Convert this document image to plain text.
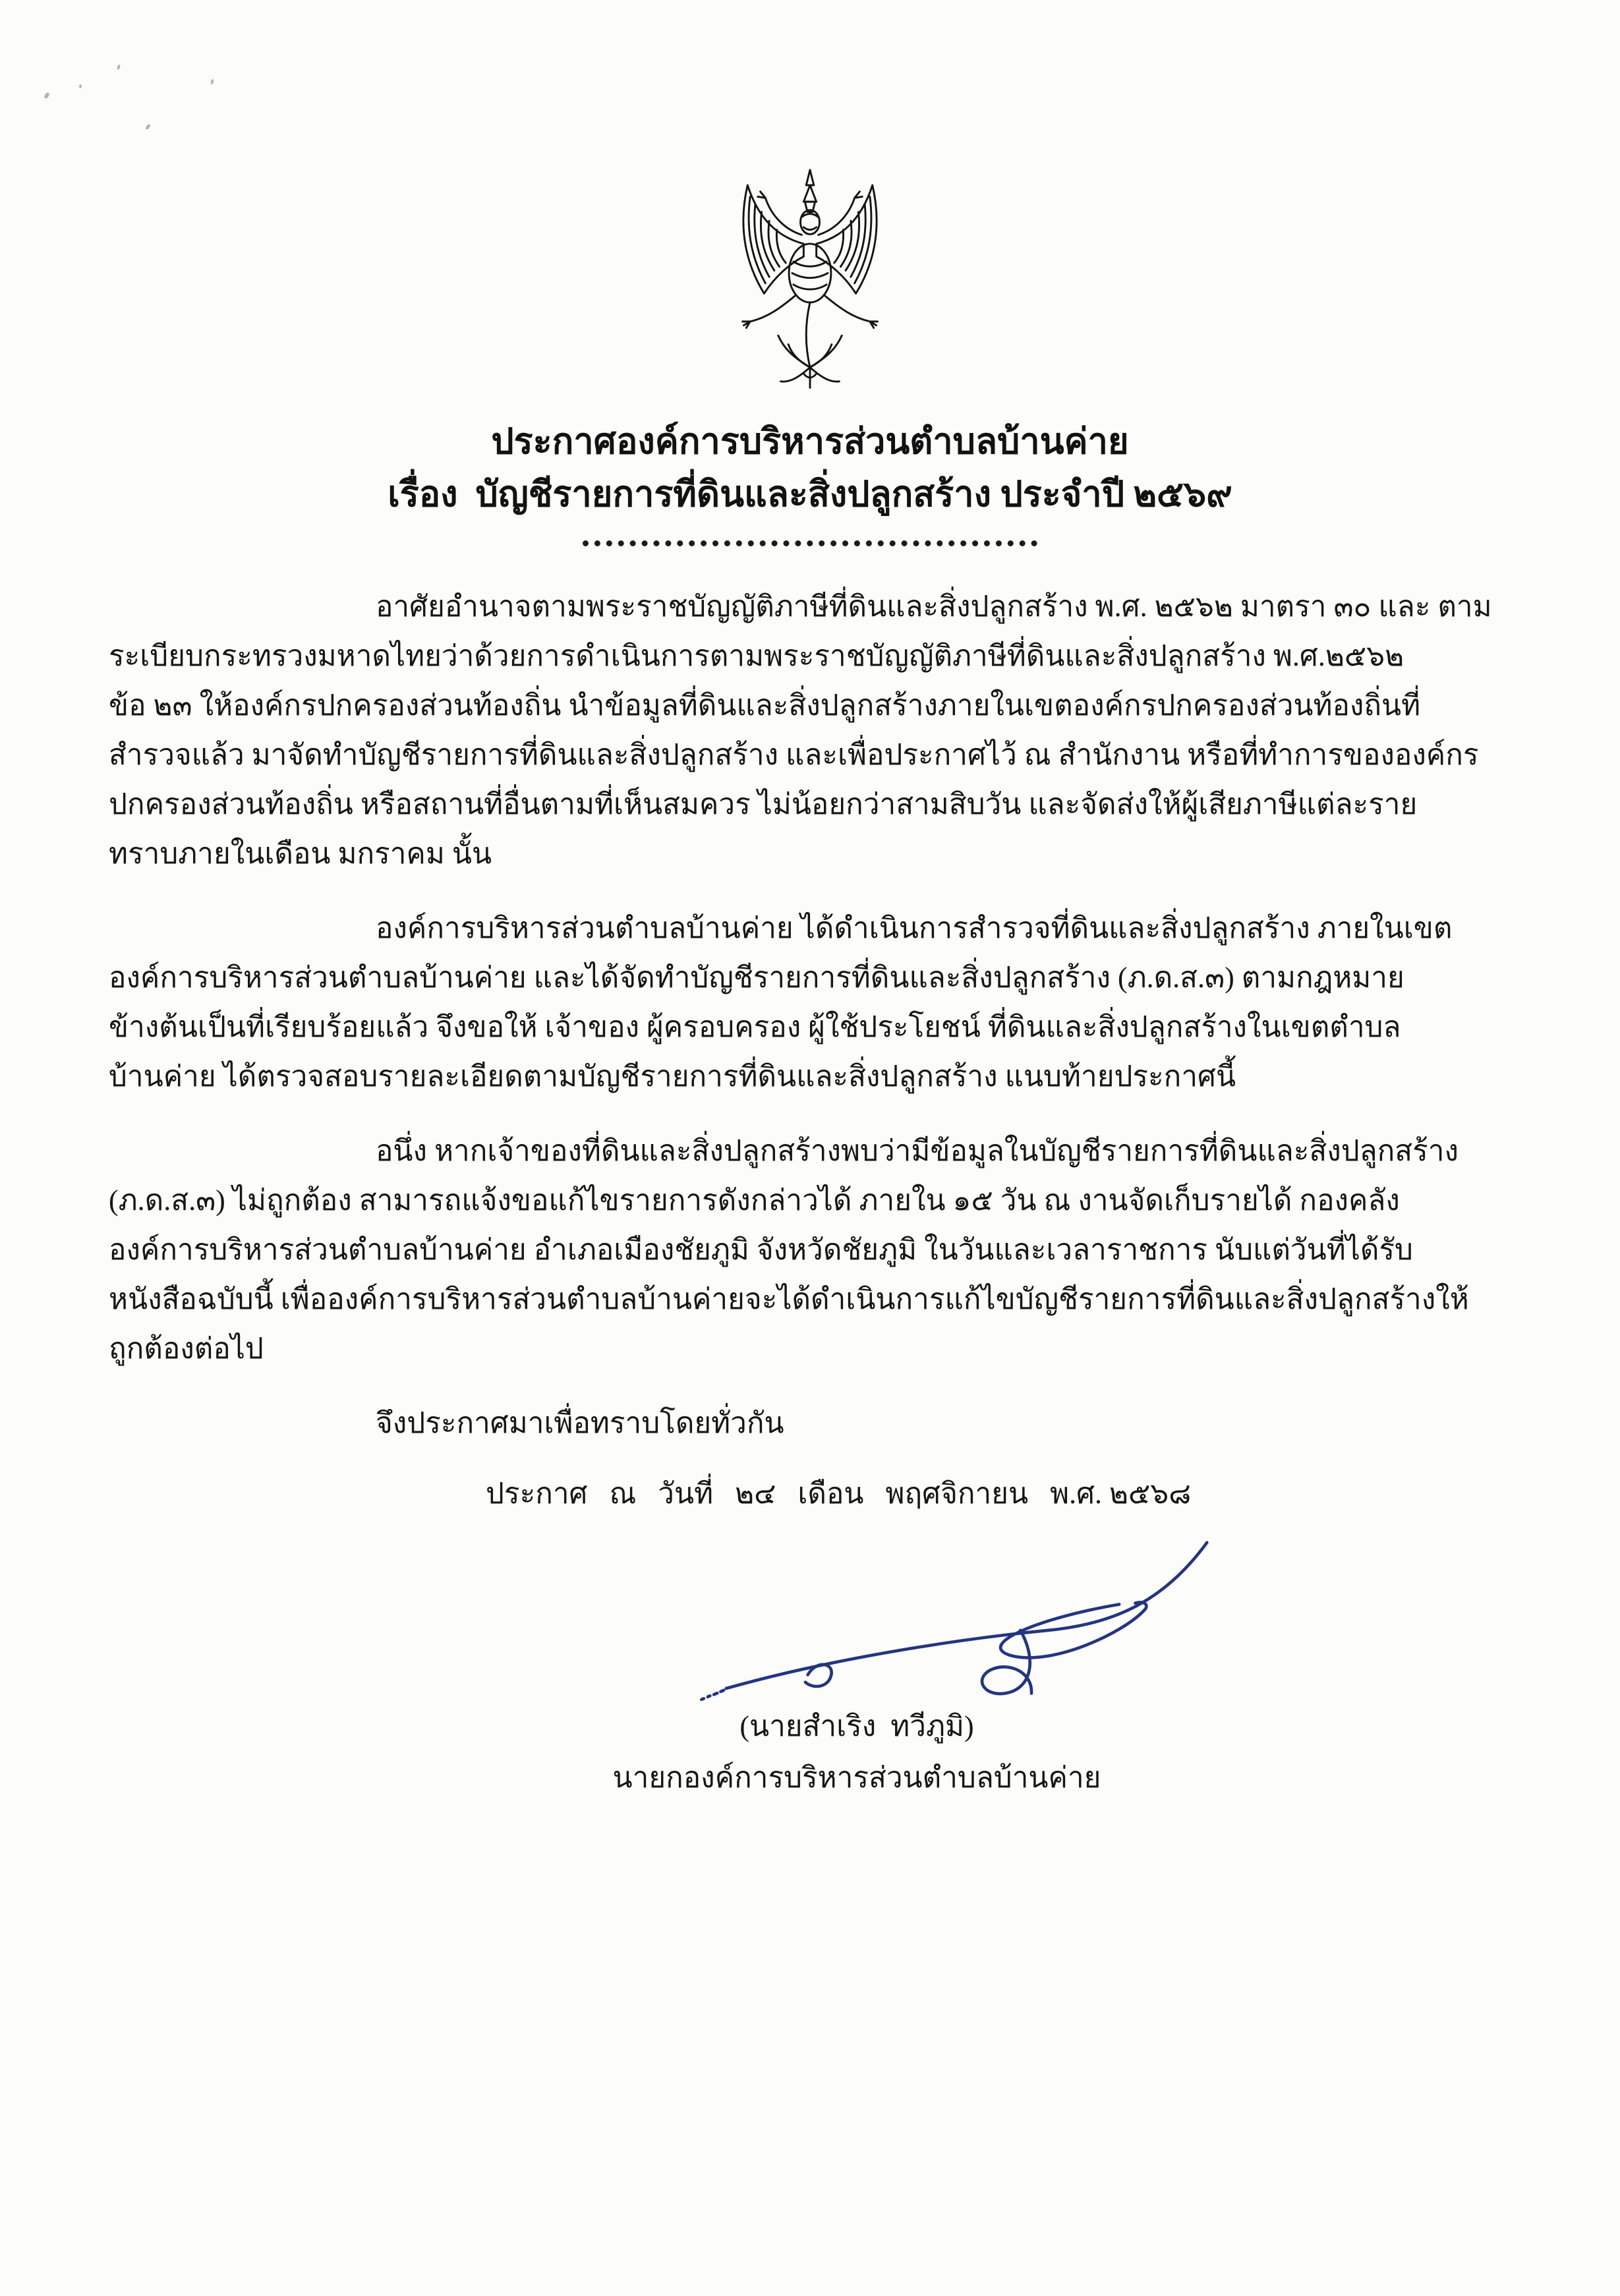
ประกาศองค์การบริหารส่วนตำบลบ้านค่าย
เรื่อง  บัญชีรายการที่ดินและสิ่งปลูกสร้าง ประจำปี ๒๕๖๙
อาศัยอำนาจตามพระราชบัญญัติภาษีที่ดินและสิ่งปลูกสร้าง พ.ศ. ๒๕๖๒ มาตรา ๓๐ และ ตาม
ระเบียบกระทรวงมหาดไทยว่าด้วยการดำเนินการตามพระราชบัญญัติภาษีที่ดินและสิ่งปลูกสร้าง พ.ศ.๒๕๖๒
ข้อ ๒๓ ให้องค์กรปกครองส่วนท้องถิ่น นำข้อมูลที่ดินและสิ่งปลูกสร้างภายในเขตองค์กรปกครองส่วนท้องถิ่นที่
สำรวจแล้ว มาจัดทำบัญชีรายการที่ดินและสิ่งปลูกสร้าง และเพื่อประกาศไว้ ณ สำนักงาน หรือที่ทำการขององค์กร
ปกครองส่วนท้องถิ่น หรือสถานที่อื่นตามที่เห็นสมควร ไม่น้อยกว่าสามสิบวัน และจัดส่งให้ผู้เสียภาษีแต่ละราย
ทราบภายในเดือน มกราคม นั้น
องค์การบริหารส่วนตำบลบ้านค่าย ได้ดำเนินการสำรวจที่ดินและสิ่งปลูกสร้าง ภายในเขต
องค์การบริหารส่วนตำบลบ้านค่าย และได้จัดทำบัญชีรายการที่ดินและสิ่งปลูกสร้าง (ภ.ด.ส.๓) ตามกฎหมาย
ข้างต้นเป็นที่เรียบร้อยแล้ว จึงขอให้ เจ้าของ ผู้ครอบครอง ผู้ใช้ประโยชน์ ที่ดินและสิ่งปลูกสร้างในเขตตำบล
บ้านค่าย ได้ตรวจสอบรายละเอียดตามบัญชีรายการที่ดินและสิ่งปลูกสร้าง แนบท้ายประกาศนี้
อนึ่ง หากเจ้าของที่ดินและสิ่งปลูกสร้างพบว่ามีข้อมูลในบัญชีรายการที่ดินและสิ่งปลูกสร้าง
(ภ.ด.ส.๓) ไม่ถูกต้อง สามารถแจ้งขอแก้ไขรายการดังกล่าวได้ ภายใน ๑๕ วัน ณ งานจัดเก็บรายได้ กองคลัง
องค์การบริหารส่วนตำบลบ้านค่าย อำเภอเมืองชัยภูมิ จังหวัดชัยภูมิ ในวันและเวลาราชการ นับแต่วันที่ได้รับ
หนังสือฉบับนี้ เพื่อองค์การบริหารส่วนตำบลบ้านค่ายจะได้ดำเนินการแก้ไขบัญชีรายการที่ดินและสิ่งปลูกสร้างให้
ถูกต้องต่อไป
จึงประกาศมาเพื่อทราบโดยทั่วกัน
ประกาศ   ณ   วันที่   ๒๔   เดือน   พฤศจิกายน   พ.ศ. ๒๕๖๘
(นายสำเริง  ทวีภูมิ)
นายกองค์การบริหารส่วนตำบลบ้านค่าย
